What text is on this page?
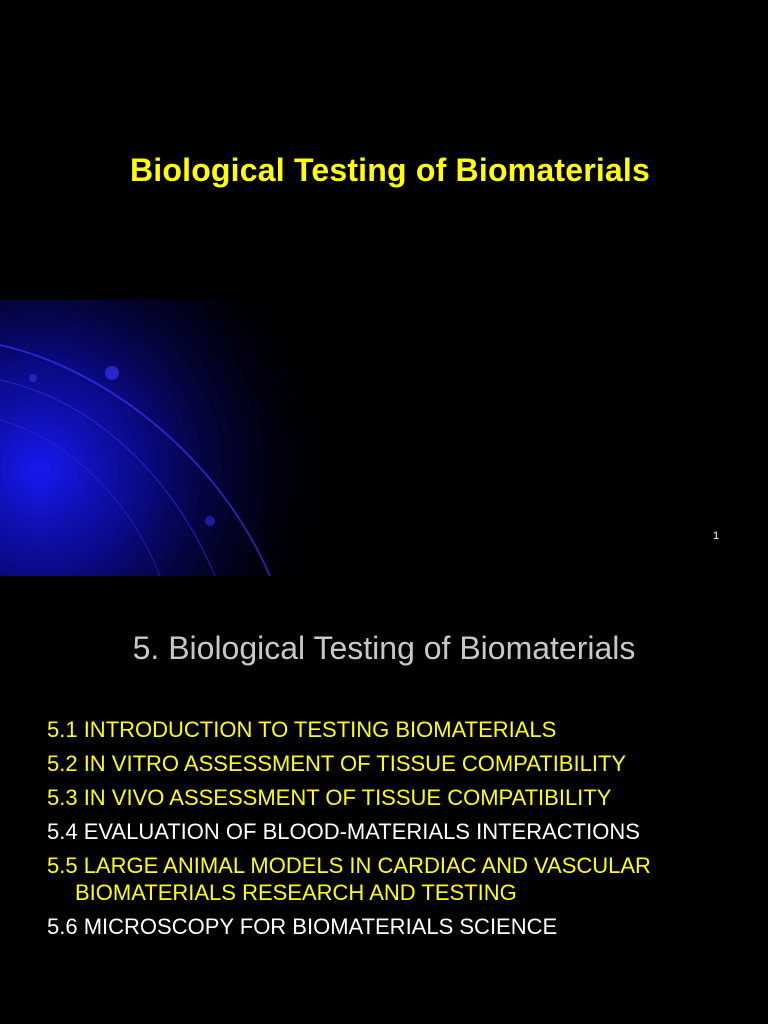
Biological Testing of Biomaterials
1
5. Biological Testing of Biomaterials
5.1 INTRODUCTION TO TESTING BIOMATERIALS
5.2 IN VITRO ASSESSMENT OF TISSUE COMPATIBILITY
5.3 IN VIVO ASSESSMENT OF TISSUE COMPATIBILITY
5.4 EVALUATION OF BLOOD-MATERIALS INTERACTIONS
5.5 LARGE ANIMAL MODELS IN CARDIAC AND VASCULAR BIOMATERIALS RESEARCH AND TESTING
5.6 MICROSCOPY FOR BIOMATERIALS SCIENCE
